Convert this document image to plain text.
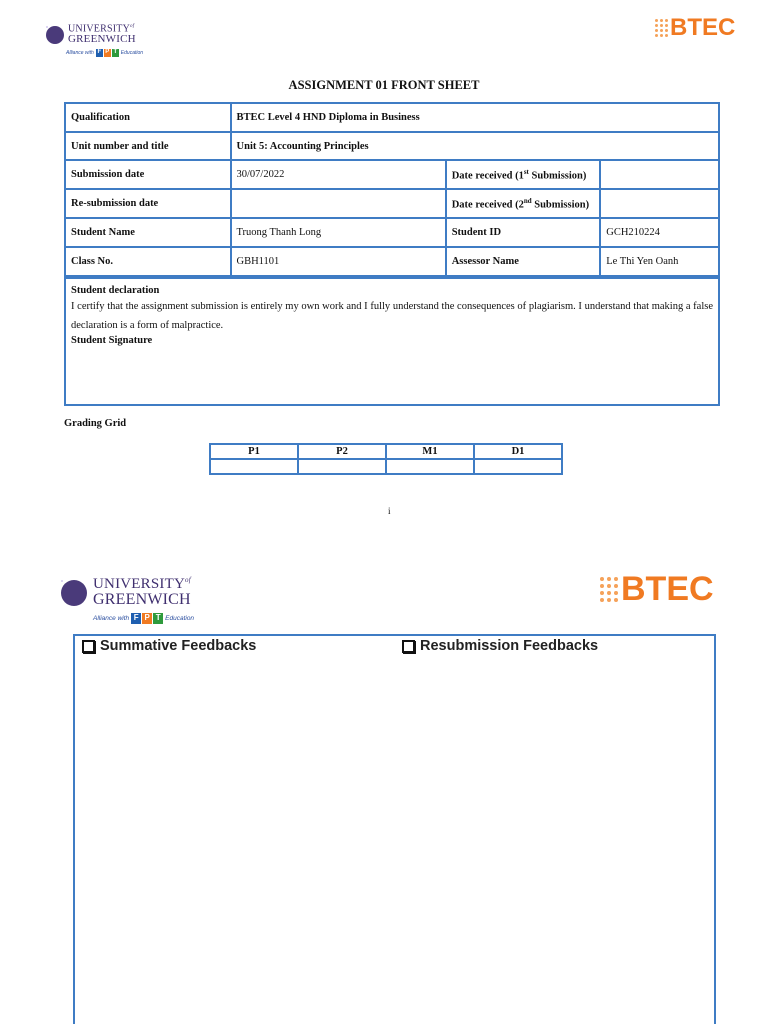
$UNIVERSITY^{of}$
GREENWICH
Alliance with F P T Education
BTEC
ASSIGNMENT 01 FRONT SHEET
Qualification	BTEC Level 4 HND Diploma in Business		
Unit number and title	Unit 5: Accounting Principles		
Submission date	30/07/2022	Date received (1st Submission)	
Re-submission date		Date received (2nd Submission)	
Student Name	Truong Thanh Long	Student ID	GCH210224
Class No.	GBH1101	Assessor Name	Le Thi Yen Oanh
Student declaration

I certify that the assignment submission is entirely my own work and I fully understand the consequences of plagiarism. I understand that making a false declaration is a form of malpractice.

Student Signature
Grading Grid
P1	P2	M1	D1

i
$UNIVERSITY^{of}$
GREENWICH
Alliance with F P T Education
BTEC
Summative Feedbacks	Resubmission Feedbacks
